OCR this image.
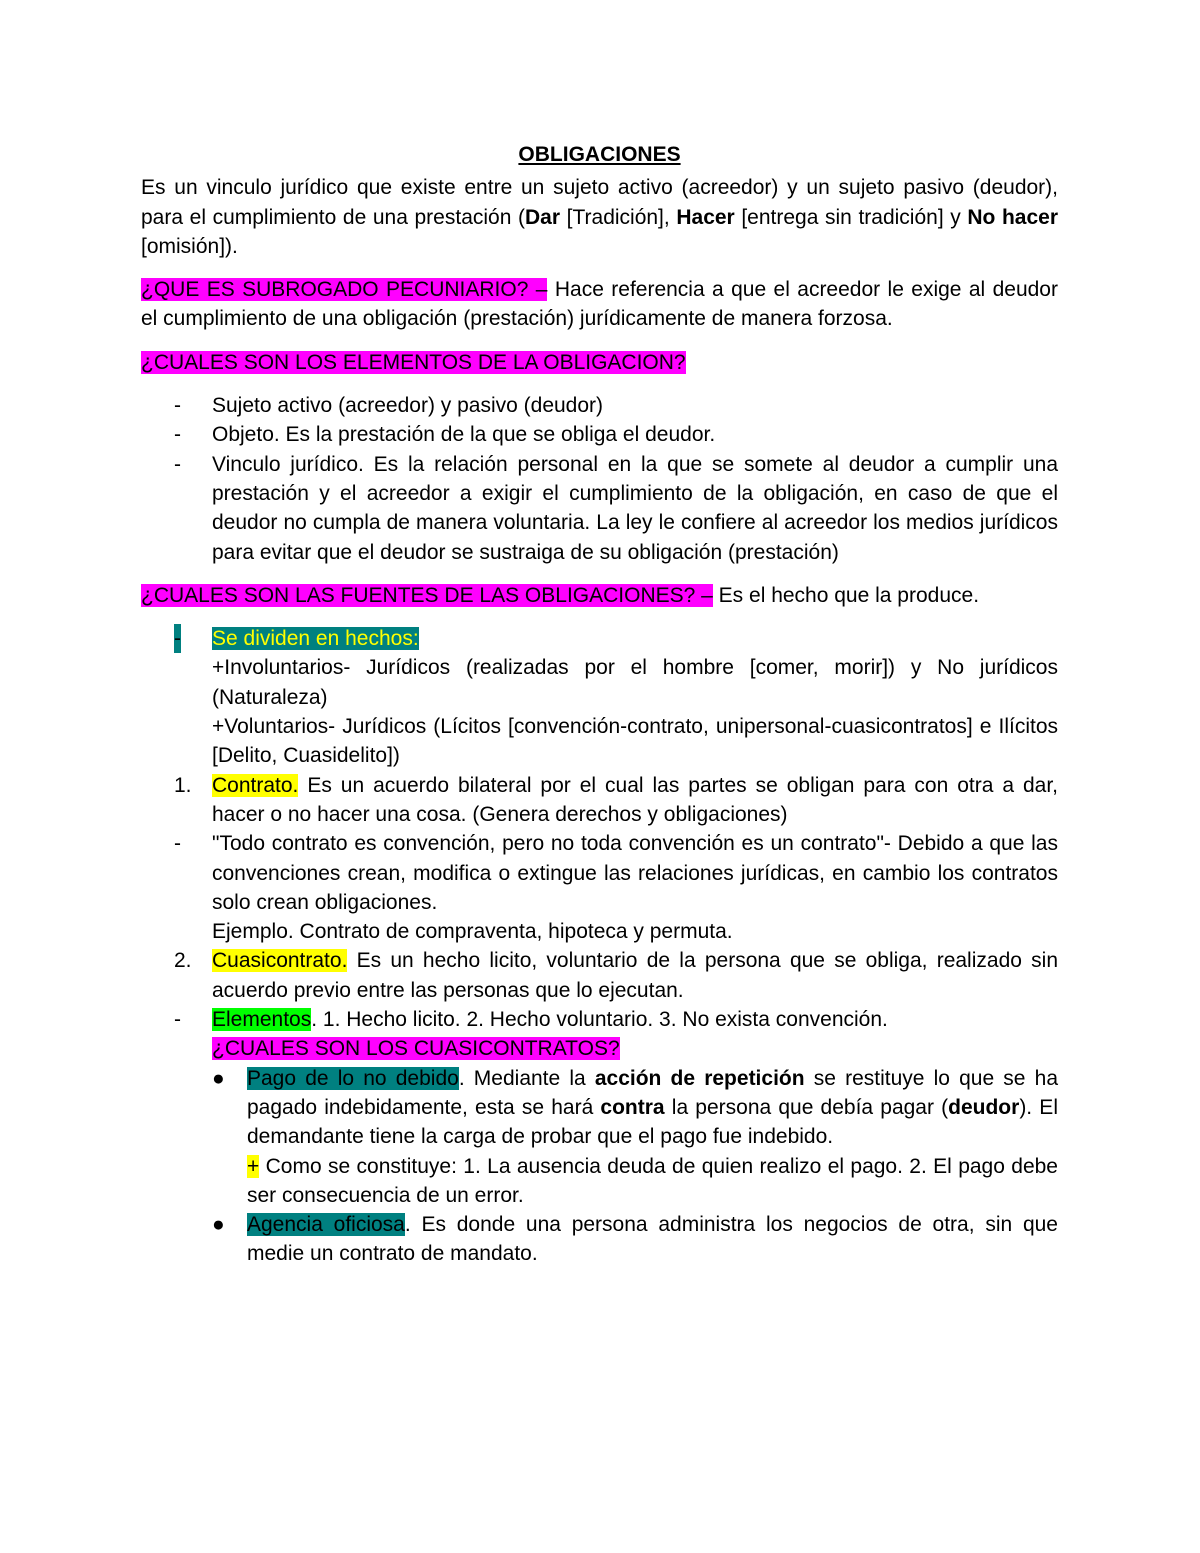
OBLIGACIONES

Es un vinculo jurídico que existe entre un sujeto activo (acreedor) y un sujeto pasivo (deudor), para el cumplimiento de una prestación (Dar [Tradición], Hacer [entrega sin tradición] y No hacer [omisión]).

¿QUE ES SUBROGADO PECUNIARIO? – Hace referencia a que el acreedor le exige al deudor el cumplimiento de una obligación (prestación) jurídicamente de manera forzosa.

¿CUALES SON LOS ELEMENTOS DE LA OBLIGACION?

- Sujeto activo (acreedor) y pasivo (deudor)
- Objeto. Es la prestación de la que se obliga el deudor.
- Vinculo jurídico. Es la relación personal en la que se somete al deudor a cumplir una prestación y el acreedor a exigir el cumplimiento de la obligación, en caso de que el deudor no cumpla de manera voluntaria. La ley le confiere al acreedor los medios jurídicos para evitar que el deudor se sustraiga de su obligación (prestación)

¿CUALES SON LAS FUENTES DE LAS OBLIGACIONES? – Es el hecho que la produce.

- Se dividen en hechos:
+Involuntarios- Jurídicos (realizadas por el hombre [comer, morir]) y No jurídicos (Naturaleza)
+Voluntarios- Jurídicos (Lícitos [convención-contrato, unipersonal-cuasicontratos] e Ilícitos [Delito, Cuasidelito])
1. Contrato. Es un acuerdo bilateral por el cual las partes se obligan para con otra a dar, hacer o no hacer una cosa. (Genera derechos y obligaciones)
- "Todo contrato es convención, pero no toda convención es un contrato"- Debido a que las convenciones crean, modifica o extingue las relaciones jurídicas, en cambio los contratos solo crean obligaciones.
Ejemplo. Contrato de compraventa, hipoteca y permuta.
2. Cuasicontrato. Es un hecho licito, voluntario de la persona que se obliga, realizado sin acuerdo previo entre las personas que lo ejecutan.
- Elementos. 1. Hecho licito. 2. Hecho voluntario. 3. No exista convención.
¿CUALES SON LOS CUASICONTRATOS?
● Pago de lo no debido. Mediante la acción de repetición se restituye lo que se ha pagado indebidamente, esta se hará contra la persona que debía pagar (deudor). El demandante tiene la carga de probar que el pago fue indebido.
+ Como se constituye: 1. La ausencia deuda de quien realizo el pago. 2. El pago debe ser consecuencia de un error.
● Agencia oficiosa. Es donde una persona administra los negocios de otra, sin que medie un contrato de mandato.
